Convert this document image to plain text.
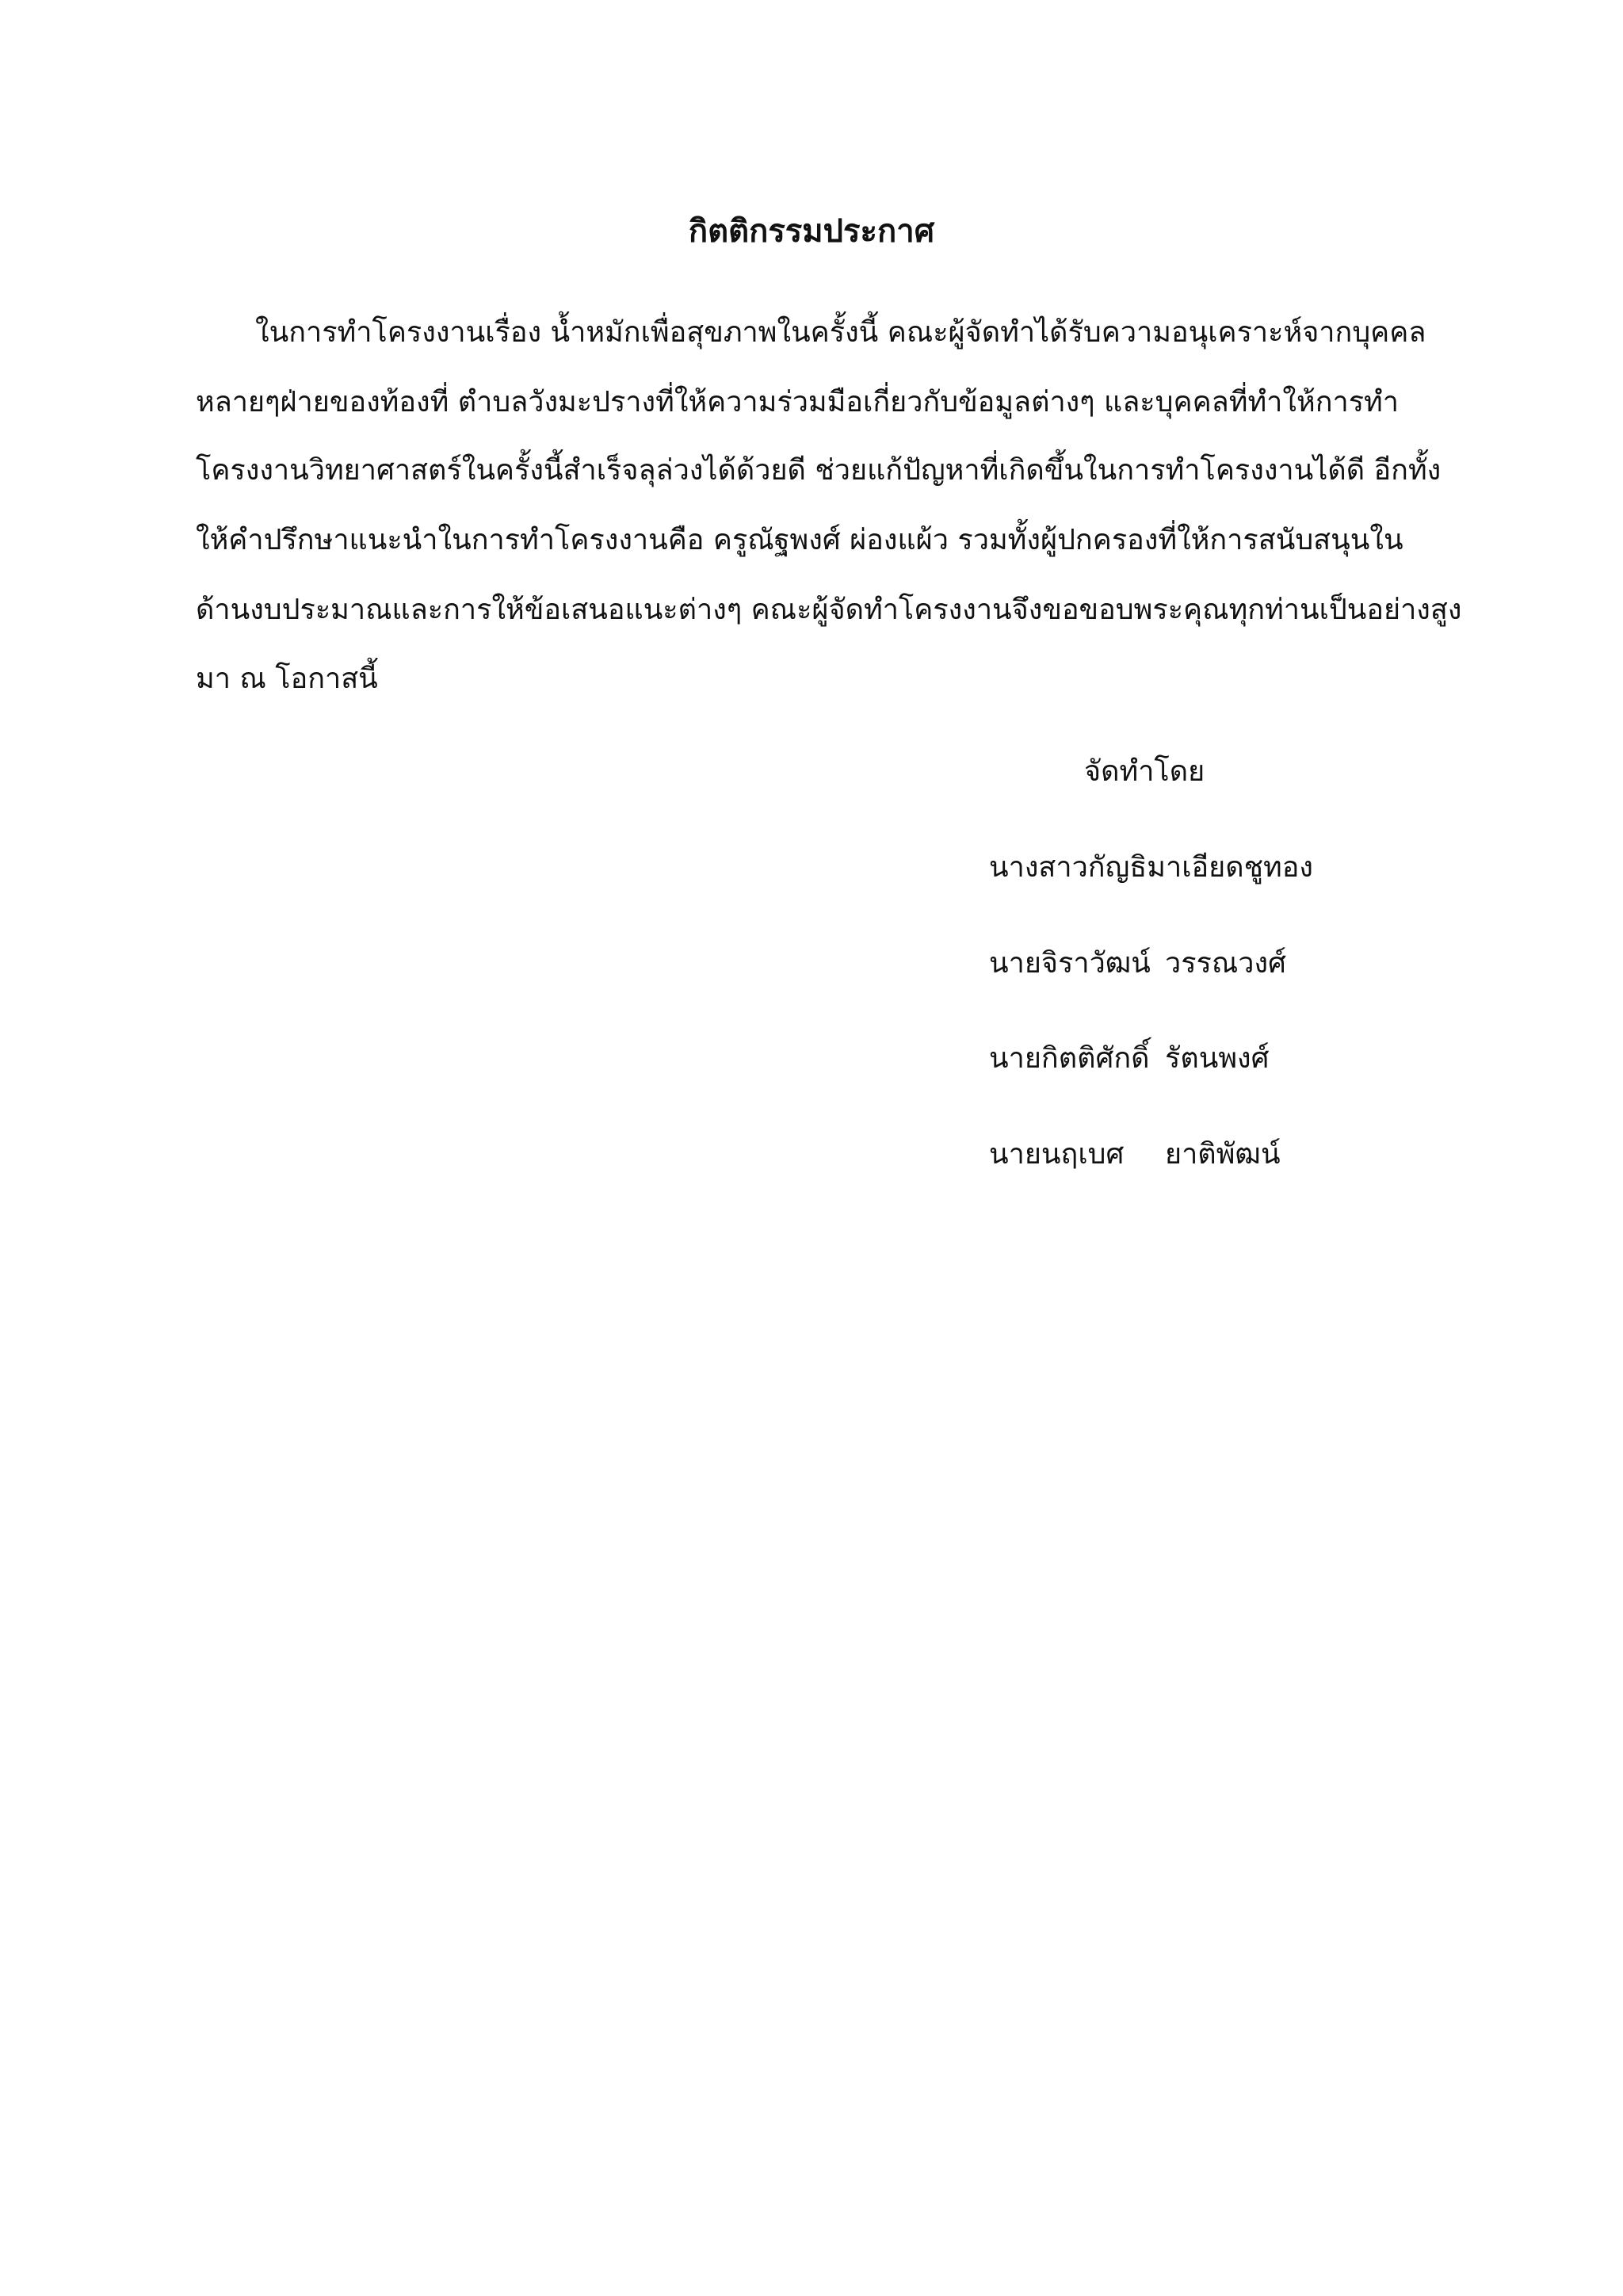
กิตติกรรมประกาศ
ในการทำโครงงานเรื่อง น้ำหมักเพื่อสุขภาพในครั้งนี้ คณะผู้จัดทำได้รับความอนุเคราะห์จากบุคคล
หลายๆฝ่ายของท้องที่ ตำบลวังมะปรางที่ให้ความร่วมมือเกี่ยวกับข้อมูลต่างๆ และบุคคลที่ทำให้การทำ
โครงงานวิทยาศาสตร์ในครั้งนี้สำเร็จลุล่วงได้ด้วยดี ช่วยแก้ปัญหาที่เกิดขึ้นในการทำโครงงานได้ดี อีกทั้ง
ให้คำปรึกษาแนะนำในการทำโครงงานคือ ครูณัฐพงศ์ ผ่องแผ้ว รวมทั้งผู้ปกครองที่ให้การสนับสนุนใน
ด้านงบประมาณและการให้ข้อเสนอแนะต่างๆ คณะผู้จัดทำโครงงานจึงขอขอบพระคุณทุกท่านเป็นอย่างสูง
มา ณ โอกาสนี้
จัดทำโดย
นางสาวกัญธิมาเอียดชูทอง
นายจิราวัฒน์ วรรณวงศ์
นายกิตติศักดิ์ รัตนพงศ์
นายนฤเบศ ยาติพัฒน์
